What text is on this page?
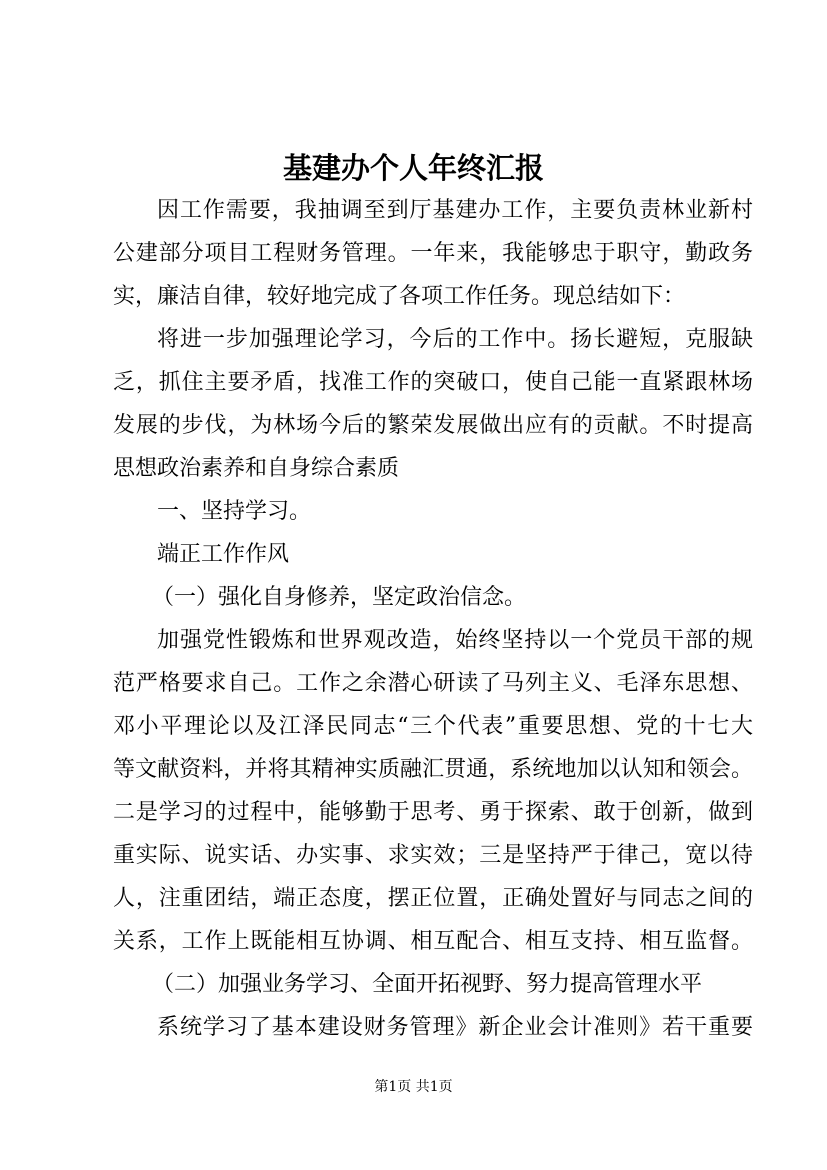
基建办个人年终汇报
因工作需要，我抽调至到厅基建办工作，主要负责林业新村
公建部分项目工程财务管理。一年来，我能够忠于职守，勤政务
实，廉洁自律，较好地完成了各项工作任务。现总结如下：
将进一步加强理论学习，今后的工作中。扬长避短，克服缺
乏，抓住主要矛盾，找准工作的突破口，使自己能一直紧跟林场
发展的步伐，为林场今后的繁荣发展做出应有的贡献。不时提高
思想政治素养和自身综合素质
一、坚持学习。
端正工作作风
（一）强化自身修养，坚定政治信念。
加强党性锻炼和世界观改造，始终坚持以一个党员干部的规
范严格要求自己。工作之余潜心研读了马列主义、毛泽东思想、
邓小平理论以及江泽民同志“三个代表”重要思想、党的十七大
等文献资料，并将其精神实质融汇贯通，系统地加以认知和领会。
二是学习的过程中，能够勤于思考、勇于探索、敢于创新，做到
重实际、说实话、办实事、求实效；三是坚持严于律己，宽以待
人，注重团结，端正态度，摆正位置，正确处置好与同志之间的
关系，工作上既能相互协调、相互配合、相互支持、相互监督。
（二）加强业务学习、全面开拓视野、努力提高管理水平
系统学习了基本建设财务管理》新企业会计准则》若干重要
第1页 共1页
